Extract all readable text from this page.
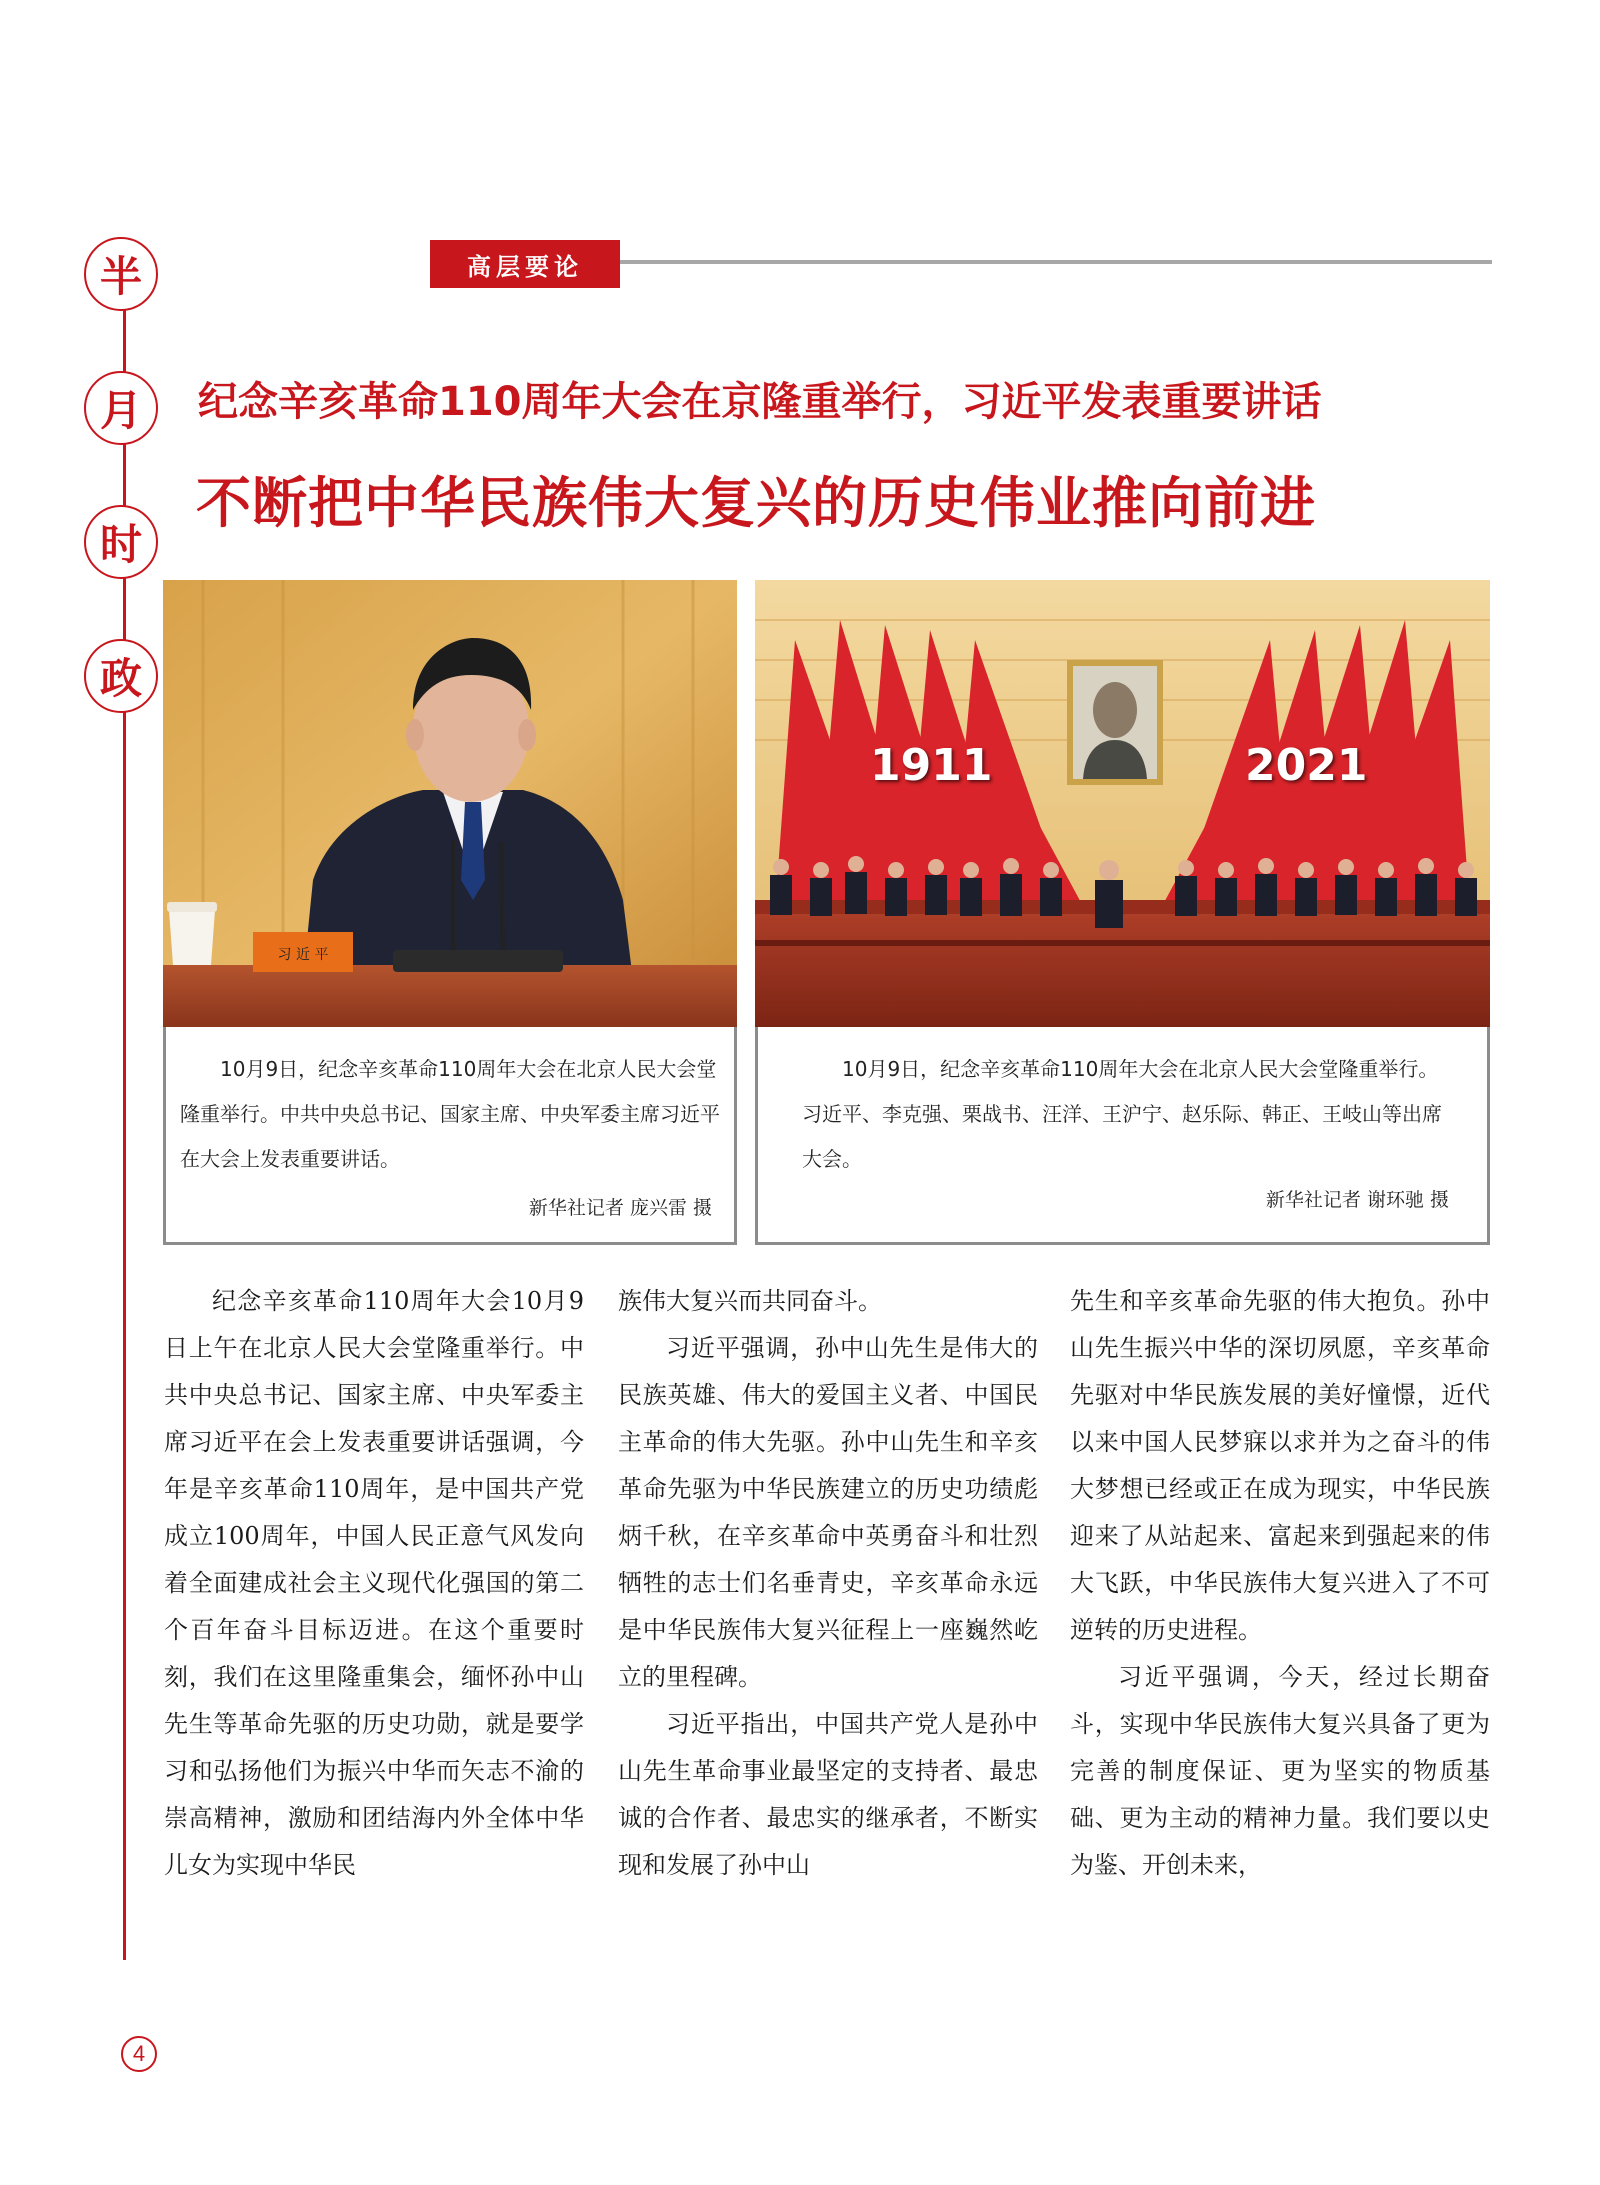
半
月
时
政
高层要论
纪念辛亥革命110周年大会在京隆重举行，习近平发表重要讲话
不断把中华民族伟大复兴的历史伟业推向前进
习 近 平
1911	2021
10月9日，纪念辛亥革命110周年大会在北京人民大会堂隆重举行。中共中央总书记、国家主席、中央军委主席习近平在大会上发表重要讲话。
新华社记者 庞兴雷 摄
10月9日，纪念辛亥革命110周年大会在北京人民大会堂隆重举行。习近平、李克强、栗战书、汪洋、王沪宁、赵乐际、韩正、王岐山等出席大会。
新华社记者 谢环驰 摄

纪念辛亥革命110周年大会10月9日上午在北京人民大会堂隆重举行。中共中央总书记、国家主席、中央军委主席习近平在会上发表重要讲话强调，今年是辛亥革命110周年，是中国共产党成立100周年，中国人民正意气风发向着全面建成社会主义现代化强国的第二个百年奋斗目标迈进。在这个重要时刻，我们在这里隆重集会，缅怀孙中山先生等革命先驱的历史功勋，就是要学习和弘扬他们为振兴中华而矢志不渝的崇高精神，激励和团结海内外全体中华儿女为实现中华民

族伟大复兴而共同奋斗。

习近平强调，孙中山先生是伟大的民族英雄、伟大的爱国主义者、中国民主革命的伟大先驱。孙中山先生和辛亥革命先驱为中华民族建立的历史功绩彪炳千秋，在辛亥革命中英勇奋斗和壮烈牺牲的志士们名垂青史，辛亥革命永远是中华民族伟大复兴征程上一座巍然屹立的里程碑。

习近平指出，中国共产党人是孙中山先生革命事业最坚定的支持者、最忠诚的合作者、最忠实的继承者，不断实现和发展了孙中山

先生和辛亥革命先驱的伟大抱负。孙中山先生振兴中华的深切夙愿，辛亥革命先驱对中华民族发展的美好憧憬，近代以来中国人民梦寐以求并为之奋斗的伟大梦想已经或正在成为现实，中华民族迎来了从站起来、富起来到强起来的伟大飞跃，中华民族伟大复兴进入了不可逆转的历史进程。

习近平强调，今天，经过长期奋斗，实现中华民族伟大复兴具备了更为完善的制度保证、更为坚实的物质基础、更为主动的精神力量。我们要以史为鉴、开创未来，

4
